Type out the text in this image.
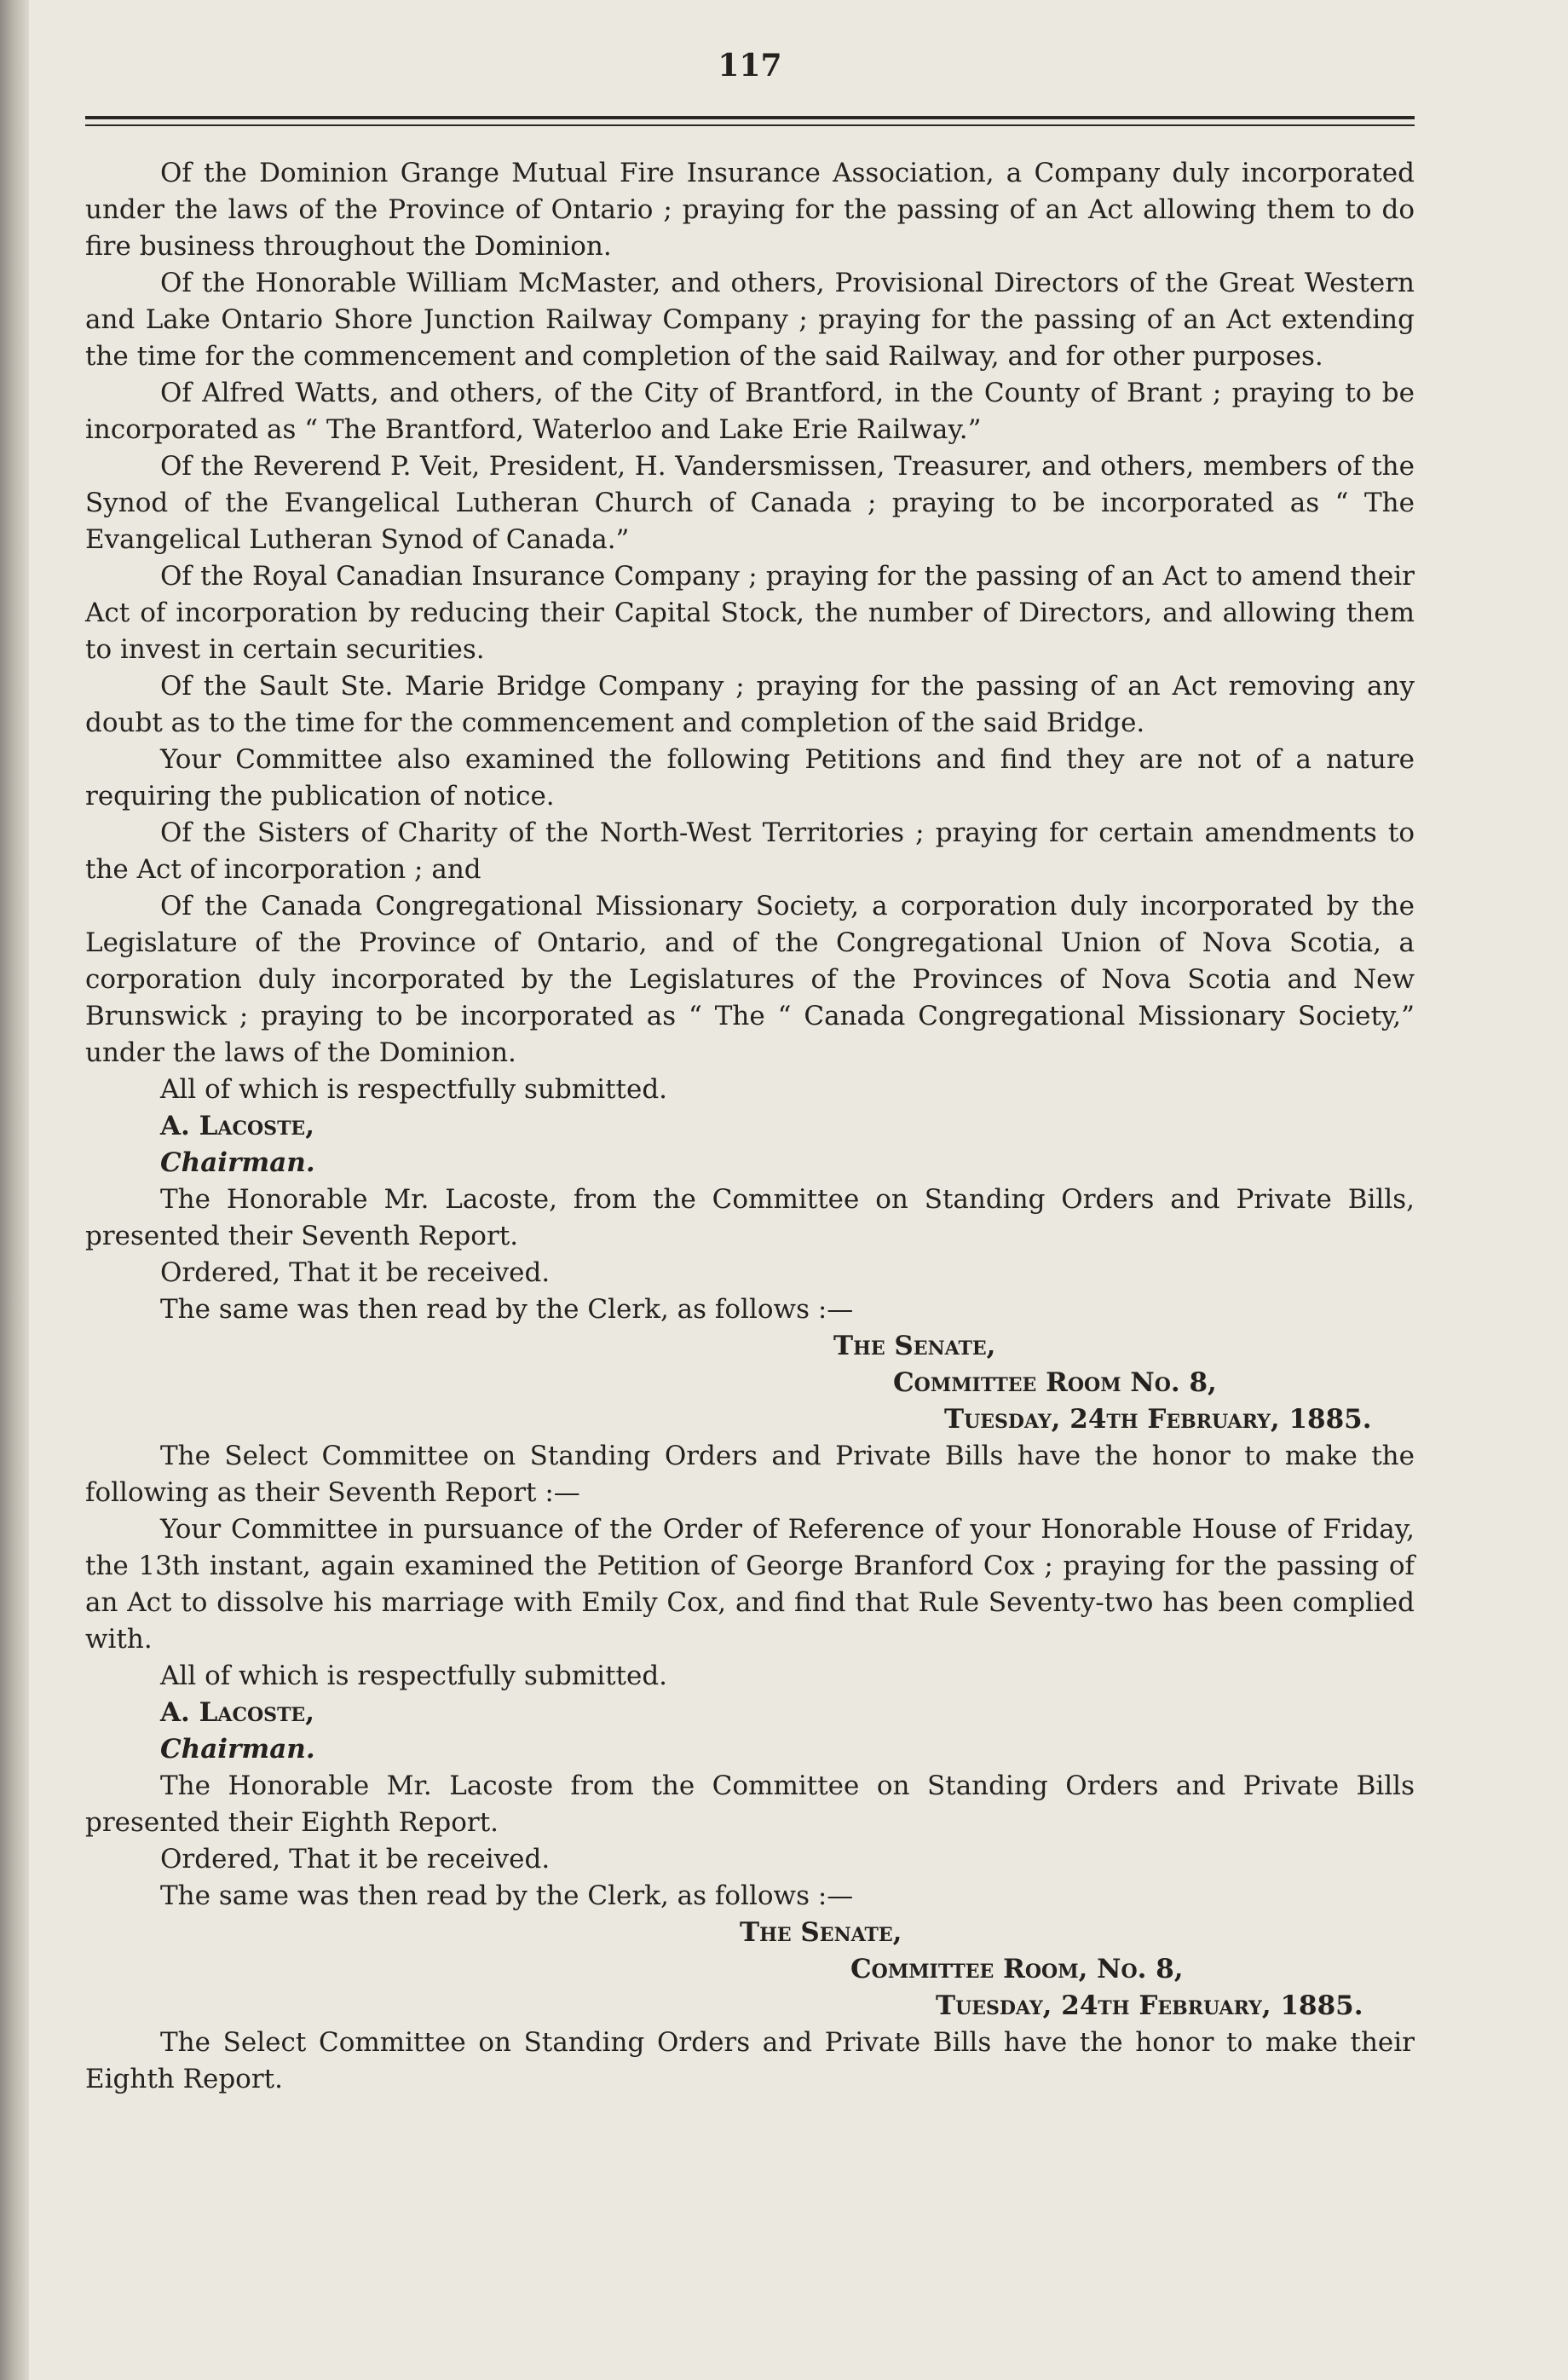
117

Of the Dominion Grange Mutual Fire Insurance Association, a Company duly incorporated under the laws of the Province of Ontario ; praying for the passing of an Act allowing them to do fire business throughout the Dominion.

Of the Honorable William McMaster, and others, Provisional Directors of the Great Western and Lake Ontario Shore Junction Railway Company ; praying for the passing of an Act extending the time for the commencement and completion of the said Railway, and for other purposes.

Of Alfred Watts, and others, of the City of Brantford, in the County of Brant ; praying to be incorporated as “ The Brantford, Waterloo and Lake Erie Railway.”

Of the Reverend P. Veit, President, H. Vandersmissen, Treasurer, and others, members of the Synod of the Evangelical Lutheran Church of Canada ; praying to be incorporated as “ The Evangelical Lutheran Synod of Canada.”

Of the Royal Canadian Insurance Company ; praying for the passing of an Act to amend their Act of incorporation by reducing their Capital Stock, the number of Directors, and allowing them to invest in certain securities.

Of the Sault Ste. Marie Bridge Company ; praying for the passing of an Act removing any doubt as to the time for the commencement and completion of the said Bridge.

Your Committee also examined the following Petitions and find they are not of a nature requiring the publication of notice.

Of the Sisters of Charity of the North-West Territories ; praying for certain amendments to the Act of incorporation ; and

Of the Canada Congregational Missionary Society, a corporation duly incorporated by the Legislature of the Province of Ontario, and of the Congregational Union of Nova Scotia, a corporation duly incorporated by the Legislatures of the Provinces of Nova Scotia and New Brunswick ; praying to be incorporated as “ The “ Canada Congregational Missionary Society,” under the laws of the Dominion.

All of which is respectfully submitted.

A. Lacoste,

Chairman.

The Honorable Mr. Lacoste, from the Committee on Standing Orders and Private Bills, presented their Seventh Report.

Ordered, That it be received.

The same was then read by the Clerk, as follows :—

The Senate,

Committee Room No. 8,

Tuesday, 24th February, 1885.

The Select Committee on Standing Orders and Private Bills have the honor to make the following as their Seventh Report :—

Your Committee in pursuance of the Order of Reference of your Honorable House of Friday, the 13th instant, again examined the Petition of George Branford Cox ; praying for the passing of an Act to dissolve his marriage with Emily Cox, and find that Rule Seventy-two has been complied with.

All of which is respectfully submitted.

A. Lacoste,

Chairman.

The Honorable Mr. Lacoste from the Committee on Standing Orders and Private Bills presented their Eighth Report.

Ordered, That it be received.

The same was then read by the Clerk, as follows :—

The Senate,

Committee Room, No. 8,

Tuesday, 24th February, 1885.

The Select Committee on Standing Orders and Private Bills have the honor to make their Eighth Report.
